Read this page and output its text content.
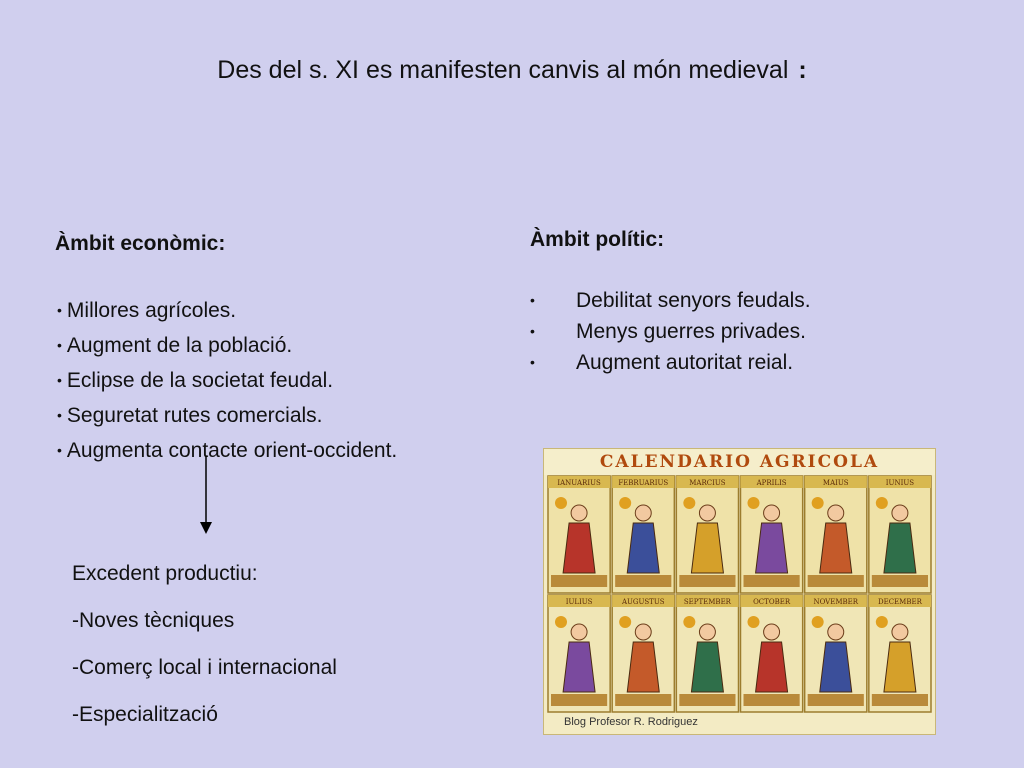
Des del s. XI es manifesten canvis al món medieval :
Àmbit econòmic:
• Millores agrícoles.
• Augment de la població.
• Eclipse de la societat feudal.
• Seguretat rutes comercials.
• Augmenta contacte orient-occident.
Àmbit polític:
•	Debilitat senyors feudals.
•	Menys guerres privades.
•	Augment autoritat reial.
Excedent productiu:
-Noves tècniques
-Comerç local i internacional
-Especialització
CALENDARIO AGRICOLA
IANUARIUS	FEBRUARIUS	MARCIUS	APRILIS	MAIUS	IUNIUS
IULIUS	AUGUSTUS	SEPTEMBER	OCTOBER	NOVEMBER	DECEMBER
Blog Profesor R. Rodriguez
